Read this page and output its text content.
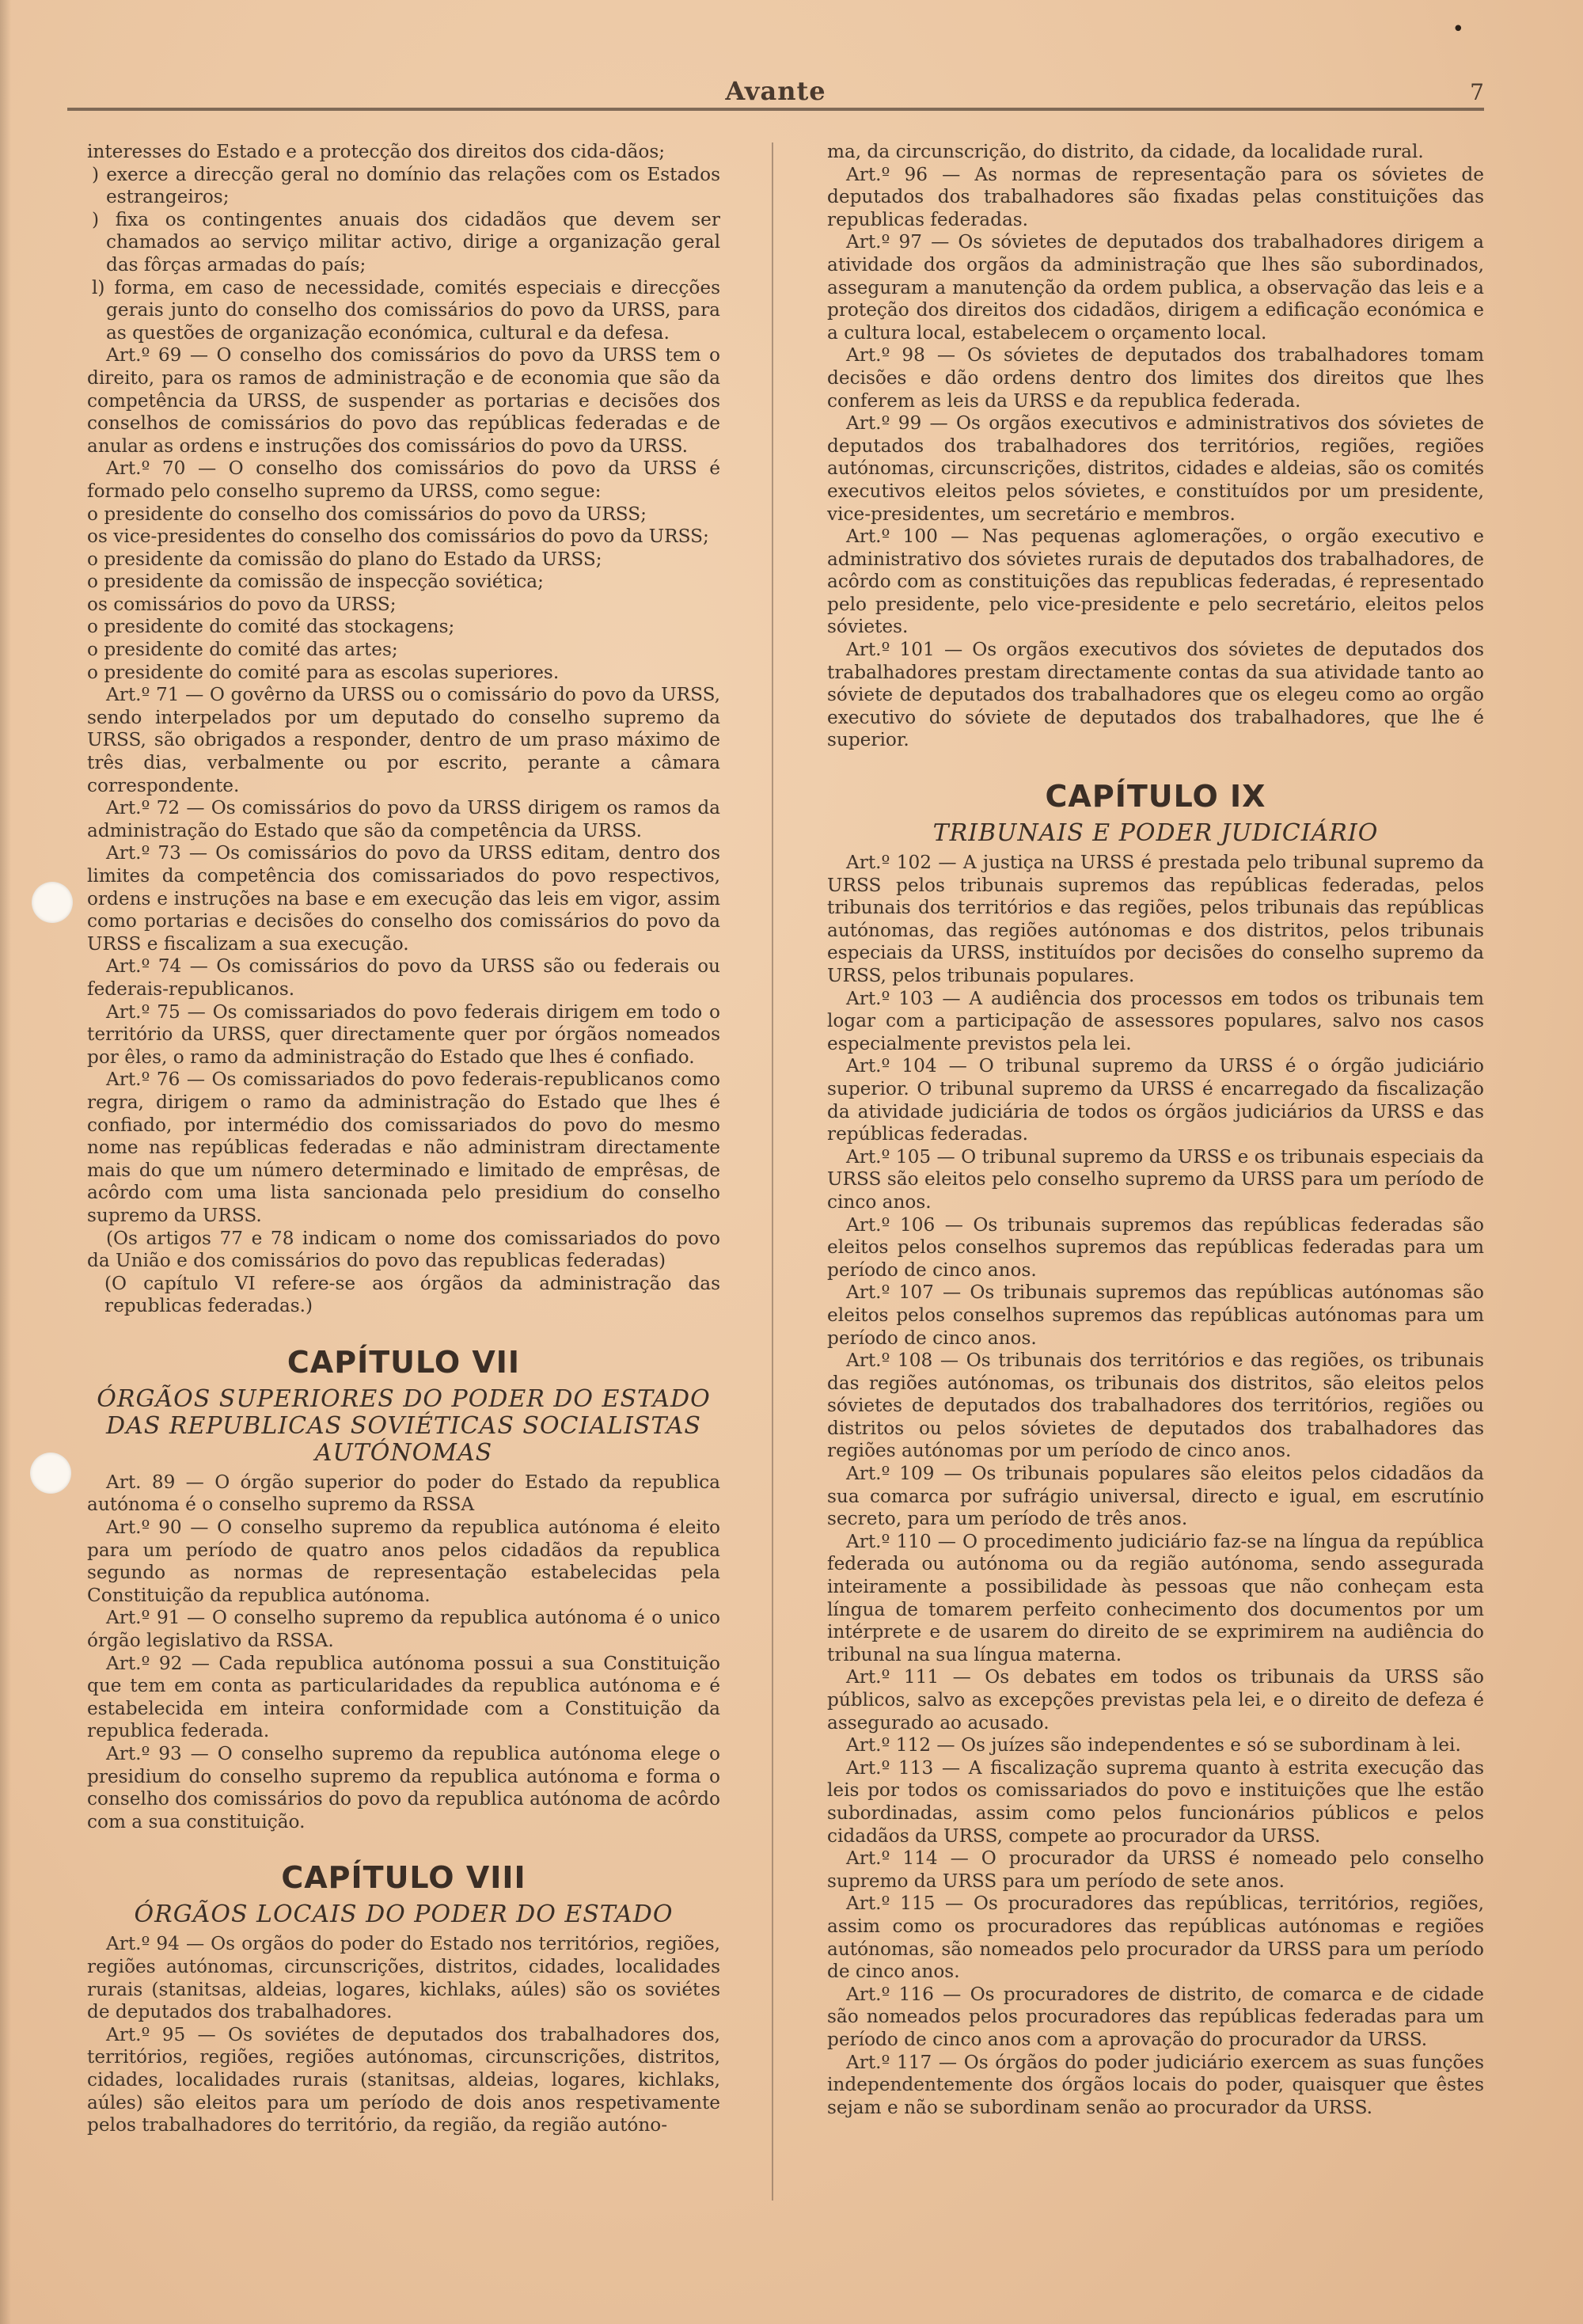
Avante	7
•

interesses do Estado e a protecção dos direitos dos cida-dãos;

) exerce a direcção geral no domínio das relações com os Estados estrangeiros;

) fixa os contingentes anuais dos cidadãos que devem ser chamados ao serviço militar activo, dirige a organização geral das fôrças armadas do país;

l) forma, em caso de necessidade, comités especiais e direcções gerais junto do conselho dos comissários do povo da URSS, para as questões de organização económica, cultural e da defesa.

Art.º 69 — O conselho dos comissários do povo da URSS tem o direito, para os ramos de administração e de economia que são da competência da URSS, de suspender as portarias e decisões dos conselhos de comissários do povo das repúblicas federadas e de anular as ordens e instruções dos comissários do povo da URSS.

Art.º 70 — O conselho dos comissários do povo da URSS é formado pelo conselho supremo da URSS, como segue:

o presidente do conselho dos comissários do povo da URSS;

os vice-presidentes do conselho dos comissários do povo da URSS;

o presidente da comissão do plano do Estado da URSS;

o presidente da comissão de inspecção soviética;

os comissários do povo da URSS;

o presidente do comité das stockagens;

o presidente do comité das artes;

o presidente do comité para as escolas superiores.

Art.º 71 — O govêrno da URSS ou o comissário do povo da URSS, sendo interpelados por um deputado do conselho supremo da URSS, são obrigados a responder, dentro de um praso máximo de três dias, verbalmente ou por escrito, perante a câmara correspondente.

Art.º 72 — Os comissários do povo da URSS dirigem os ramos da administração do Estado que são da competência da URSS.

Art.º 73 — Os comissários do povo da URSS editam, dentro dos limites da competência dos comissariados do povo respectivos, ordens e instruções na base e em execução das leis em vigor, assim como portarias e decisões do conselho dos comissários do povo da URSS e fiscalizam a sua execução.

Art.º 74 — Os comissários do povo da URSS são ou federais ou federais-republicanos.

Art.º 75 — Os comissariados do povo federais dirigem em todo o território da URSS, quer directamente quer por órgãos nomeados por êles, o ramo da administração do Estado que lhes é confiado.

Art.º 76 — Os comissariados do povo federais-republicanos como regra, dirigem o ramo da administração do Estado que lhes é confiado, por intermédio dos comissariados do povo do mesmo nome nas repúblicas federadas e não administram directamente mais do que um número determinado e limitado de emprêsas, de acôrdo com uma lista sancionada pelo presidium do conselho supremo da URSS.

(Os artigos 77 e 78 indicam o nome dos comissariados do povo da União e dos comissários do povo das republicas federadas)

(O capítulo VI refere-se aos órgãos da administração das republicas federadas.)

CAPÍTULO VII

ÓRGÃOS SUPERIORES DO PODER DO ESTADO DAS REPUBLICAS SOVIÉTICAS SOCIALISTAS AUTÓNOMAS

Art. 89 — O órgão superior do poder do Estado da republica autónoma é o conselho supremo da RSSA

Art.º 90 — O conselho supremo da republica autónoma é eleito para um período de quatro anos pelos cidadãos da republica segundo as normas de representação estabelecidas pela Constituição da republica autónoma.

Art.º 91 — O conselho supremo da republica autónoma é o unico órgão legislativo da RSSA.

Art.º 92 — Cada republica autónoma possui a sua Constituição que tem em conta as particularidades da republica autónoma e é estabelecida em inteira conformidade com a Constituição da republica federada.

Art.º 93 — O conselho supremo da republica autónoma elege o presidium do conselho supremo da republica autónoma e forma o conselho dos comissários do povo da republica autónoma de acôrdo com a sua constituição.

CAPÍTULO VIII

ÓRGÃOS LOCAIS DO PODER DO ESTADO

Art.º 94 — Os orgãos do poder do Estado nos territórios, regiões, regiões autónomas, circunscrições, distritos, cidades, localidades rurais (stanitsas, aldeias, logares, kichlaks, aúles) são os soviétes de deputados dos trabalhadores.

Art.º 95 — Os soviétes de deputados dos trabalhadores dos, territórios, regiões, regiões autónomas, circunscrições, distritos, cidades, localidades rurais (stanitsas, aldeias, logares, kichlaks, aúles) são eleitos para um período de dois anos respetivamente pelos trabalhadores do território, da região, da região autóno-

ma, da circunscrição, do distrito, da cidade, da localidade rural.

Art.º 96 — As normas de representação para os sóvietes de deputados dos trabalhadores são fixadas pelas constituições das republicas federadas.

Art.º 97 — Os sóvietes de deputados dos trabalhadores dirigem a atividade dos orgãos da administração que lhes são subordinados, asseguram a manutenção da ordem publica, a observação das leis e a proteção dos direitos dos cidadãos, dirigem a edificação económica e a cultura local, estabelecem o orçamento local.

Art.º 98 — Os sóvietes de deputados dos trabalhadores tomam decisões e dão ordens dentro dos limites dos direitos que lhes conferem as leis da URSS e da republica federada.

Art.º 99 — Os orgãos executivos e administrativos dos sóvietes de deputados dos trabalhadores dos territórios, regiões, regiões autónomas, circunscrições, distritos, cidades e aldeias, são os comités executivos eleitos pelos sóvietes, e constituídos por um presidente, vice-presidentes, um secretário e membros.

Art.º 100 — Nas pequenas aglomerações, o orgão executivo e administrativo dos sóvietes rurais de deputados dos trabalhadores, de acôrdo com as constituições das republicas federadas, é representado pelo presidente, pelo vice-presidente e pelo secretário, eleitos pelos sóvietes.

Art.º 101 — Os orgãos executivos dos sóvietes de deputados dos trabalhadores prestam directamente contas da sua atividade tanto ao sóviete de deputados dos trabalhadores que os elegeu como ao orgão executivo do sóviete de deputados dos trabalhadores, que lhe é superior.

CAPÍTULO IX

TRIBUNAIS E PODER JUDICIÁRIO

Art.º 102 — A justiça na URSS é prestada pelo tribunal supremo da URSS pelos tribunais supremos das repúblicas federadas, pelos tribunais dos territórios e das regiões, pelos tribunais das repúblicas autónomas, das regiões autónomas e dos distritos, pelos tribunais especiais da URSS, instituídos por decisões do conselho supremo da URSS, pelos tribunais populares.

Art.º 103 — A audiência dos processos em todos os tribunais tem logar com a participação de assessores populares, salvo nos casos especialmente previstos pela lei.

Art.º 104 — O tribunal supremo da URSS é o órgão judiciário superior. O tribunal supremo da URSS é encarregado da fiscalização da atividade judiciária de todos os órgãos judiciários da URSS e das repúblicas federadas.

Art.º 105 — O tribunal supremo da URSS e os tribunais especiais da URSS são eleitos pelo conselho supremo da URSS para um período de cinco anos.

Art.º 106 — Os tribunais supremos das repúblicas federadas são eleitos pelos conselhos supremos das repúblicas federadas para um período de cinco anos.

Art.º 107 — Os tribunais supremos das repúblicas autónomas são eleitos pelos conselhos supremos das repúblicas autónomas para um período de cinco anos.

Art.º 108 — Os tribunais dos territórios e das regiões, os tribunais das regiões autónomas, os tribunais dos distritos, são eleitos pelos sóvietes de deputados dos trabalhadores dos territórios, regiões ou distritos ou pelos sóvietes de deputados dos trabalhadores das regiões autónomas por um período de cinco anos.

Art.º 109 — Os tribunais populares são eleitos pelos cidadãos da sua comarca por sufrágio universal, directo e igual, em escrutínio secreto, para um período de três anos.

Art.º 110 — O procedimento judiciário faz-se na língua da república federada ou autónoma ou da região autónoma, sendo assegurada inteiramente a possibilidade às pessoas que não conheçam esta língua de tomarem perfeito conhecimento dos documentos por um intérprete e de usarem do direito de se exprimirem na audiência do tribunal na sua língua materna.

Art.º 111 — Os debates em todos os tribunais da URSS são públicos, salvo as excepções previstas pela lei, e o direito de defeza é assegurado ao acusado.

Art.º 112 — Os juízes são independentes e só se subordinam à lei.

Art.º 113 — A fiscalização suprema quanto à estrita execução das leis por todos os comissariados do povo e instituições que lhe estão subordinadas, assim como pelos funcionários públicos e pelos cidadãos da URSS, compete ao procurador da URSS.

Art.º 114 — O procurador da URSS é nomeado pelo conselho supremo da URSS para um período de sete anos.

Art.º 115 — Os procuradores das repúblicas, territórios, regiões, assim como os procuradores das repúblicas autónomas e regiões autónomas, são nomeados pelo procurador da URSS para um período de cinco anos.

Art.º 116 — Os procuradores de distrito, de comarca e de cidade são nomeados pelos procuradores das repúblicas federadas para um período de cinco anos com a aprovação do procurador da URSS.

Art.º 117 — Os órgãos do poder judiciário exercem as suas funções independentemente dos órgãos locais do poder, quaisquer que êstes sejam e não se subordinam senão ao procurador da URSS.
